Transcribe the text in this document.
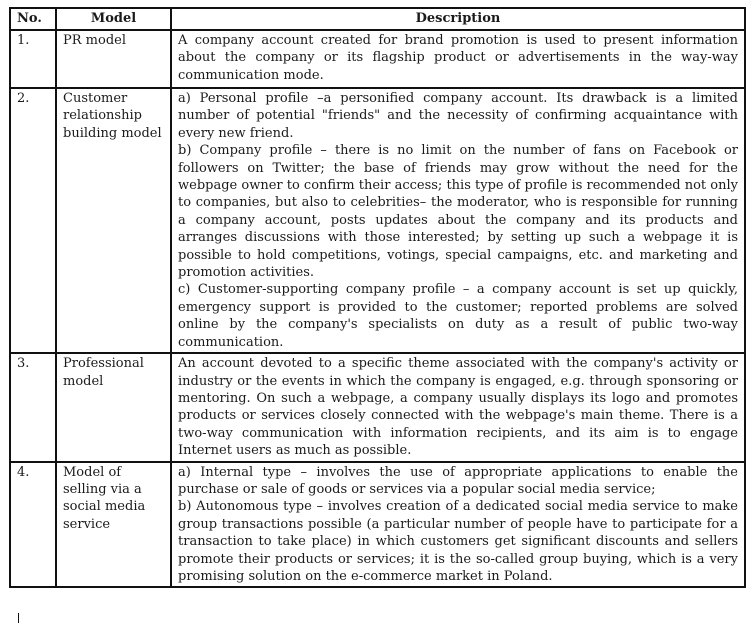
No.	Model	Description
1.	PR model	A company account created for brand promotion is used to present information about the company or its flagship product or advertisements in the way-way communication mode.

2.	Customer relationship building model	a) Personal profile –a personified company account. Its drawback is a limited number of potential "friends" and the necessity of confirming acquaintance with every new friend.
b) Company profile – there is no limit on the number of fans on Facebook or followers on Twitter; the base of friends may grow without the need for the webpage owner to confirm their access; this type of profile is recommended not only to companies, but also to celebrities– the moderator, who is responsible for running a company account, posts updates about the company and its products and arranges discussions with those interested; by setting up such a webpage it is possible to hold competitions, votings, special campaigns, etc. and marketing and promotion activities.
c) Customer-supporting company profile – a company account is set up quickly, emergency support is provided to the customer; reported problems are solved online by the company's specialists on duty as a result of public two-way communication.

3.	Professional model	An account devoted to a specific theme associated with the company's activity or industry or the events in which the company is engaged, e.g. through sponsoring or mentoring. On such a webpage, a company usually displays its logo and promotes products or services closely connected with the webpage's main theme. There is a two-way communication with information recipients, and its aim is to engage Internet users as much as possible.

4.	Model of selling via a social media service	a) Internal type – involves the use of appropriate applications to enable the purchase or sale of goods or services via a popular social media service;
b) Autonomous type – involves creation of a dedicated social media service to make group transactions possible (a particular number of people have to participate for a transaction to take place) in which customers get significant discounts and sellers promote their products or services; it is the so-called group buying, which is a very promising solution on the e-commerce market in Poland.
